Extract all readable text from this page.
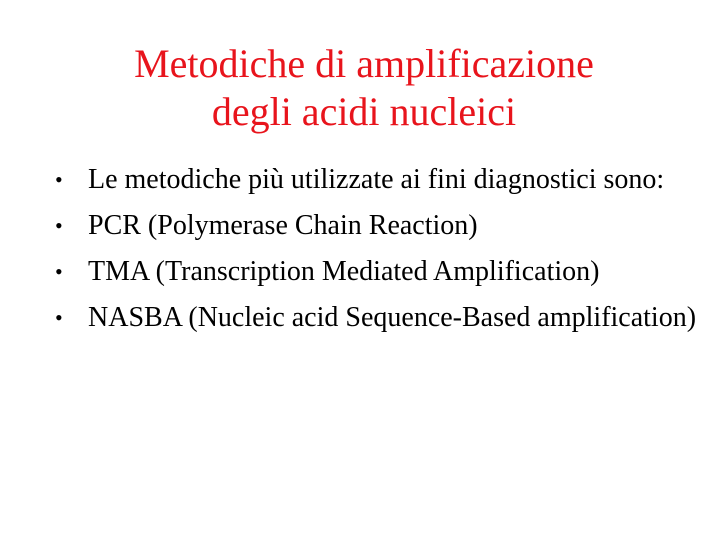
Metodiche di amplificazione
degli acidi nucleici
• Le metodiche più utilizzate ai fini diagnostici sono:
• PCR (Polymerase Chain Reaction)
• TMA (Transcription Mediated Amplification)
• NASBA (Nucleic acid Sequence-Based amplification)
